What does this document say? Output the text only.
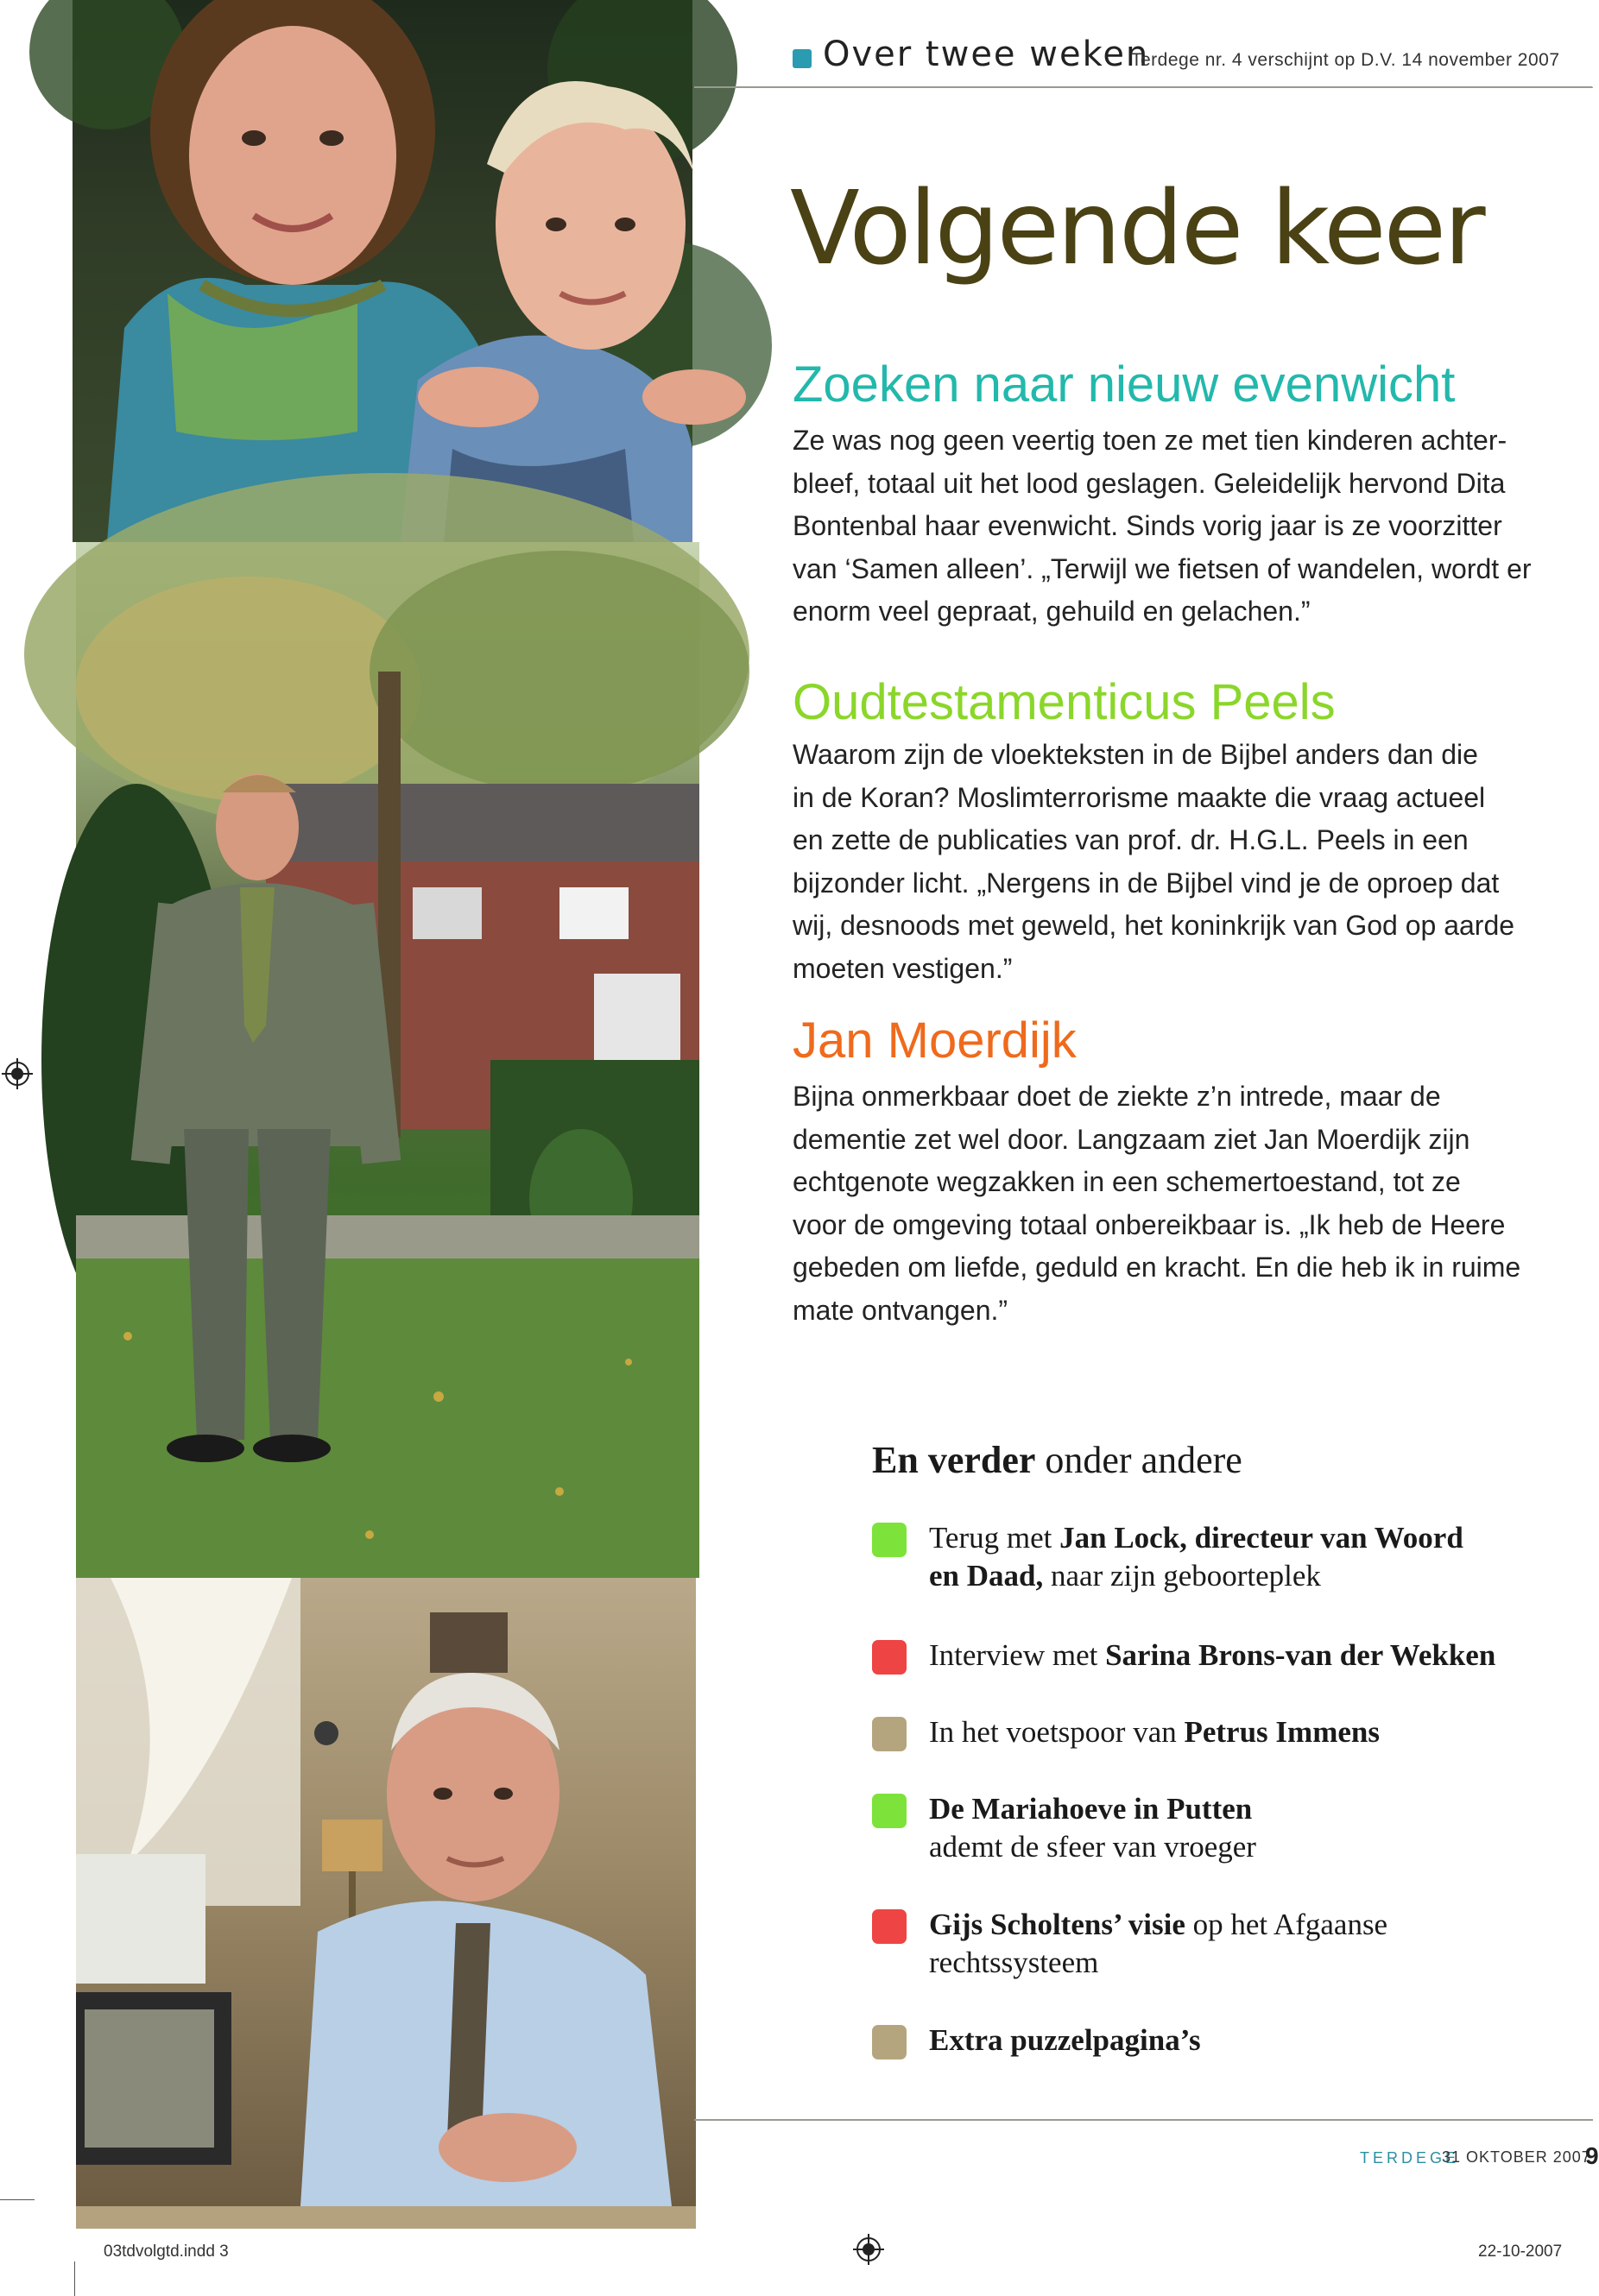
Over twee weken
Terdege nr. 4 verschijnt op D.V. 14 november 2007
Volgende keer
Zoeken naar nieuw evenwicht
Ze was nog geen veertig toen ze met tien kinderen achter-
bleef, totaal uit het lood geslagen. Geleidelijk hervond Dita
Bontenbal haar evenwicht. Sinds vorig jaar is ze voorzitter
van ‘Samen alleen’. „Terwijl we fietsen of wandelen, wordt er
enorm veel gepraat, gehuild en gelachen.”
Oudtestamenticus Peels
Waarom zijn de vloekteksten in de Bijbel anders dan die
in de Koran? Moslimterrorisme maakte die vraag actueel
en zette de publicaties van prof. dr. H.G.L. Peels in een
bijzonder licht. „Nergens in de Bijbel vind je de oproep dat
wij, desnoods met geweld, het koninkrijk van God op aarde
moeten vestigen.”
Jan Moerdijk
Bijna onmerkbaar doet de ziekte z’n intrede, maar de
dementie zet wel door. Langzaam ziet Jan Moerdijk zijn
echtgenote wegzakken in een schemertoestand, tot ze
voor de omgeving totaal onbereikbaar is. „Ik heb de Heere
gebeden om liefde, geduld en kracht. En die heb ik in ruime
mate ontvangen.”
En verder onder andere
Terug met Jan Lock, directeur van Woord
en Daad, naar zijn geboorteplek
Interview met Sarina Brons-van der Wekken
In het voetspoor van Petrus Immens
De Mariahoeve in Putten
ademt de sfeer van vroeger
Gijs Scholtens’ visie op het Afgaanse
rechtssysteem
Extra puzzelpagina’s
TERDEGE
31 OKTOBER 2007
9
03tdvolgtd.indd 3	22-10-2007
